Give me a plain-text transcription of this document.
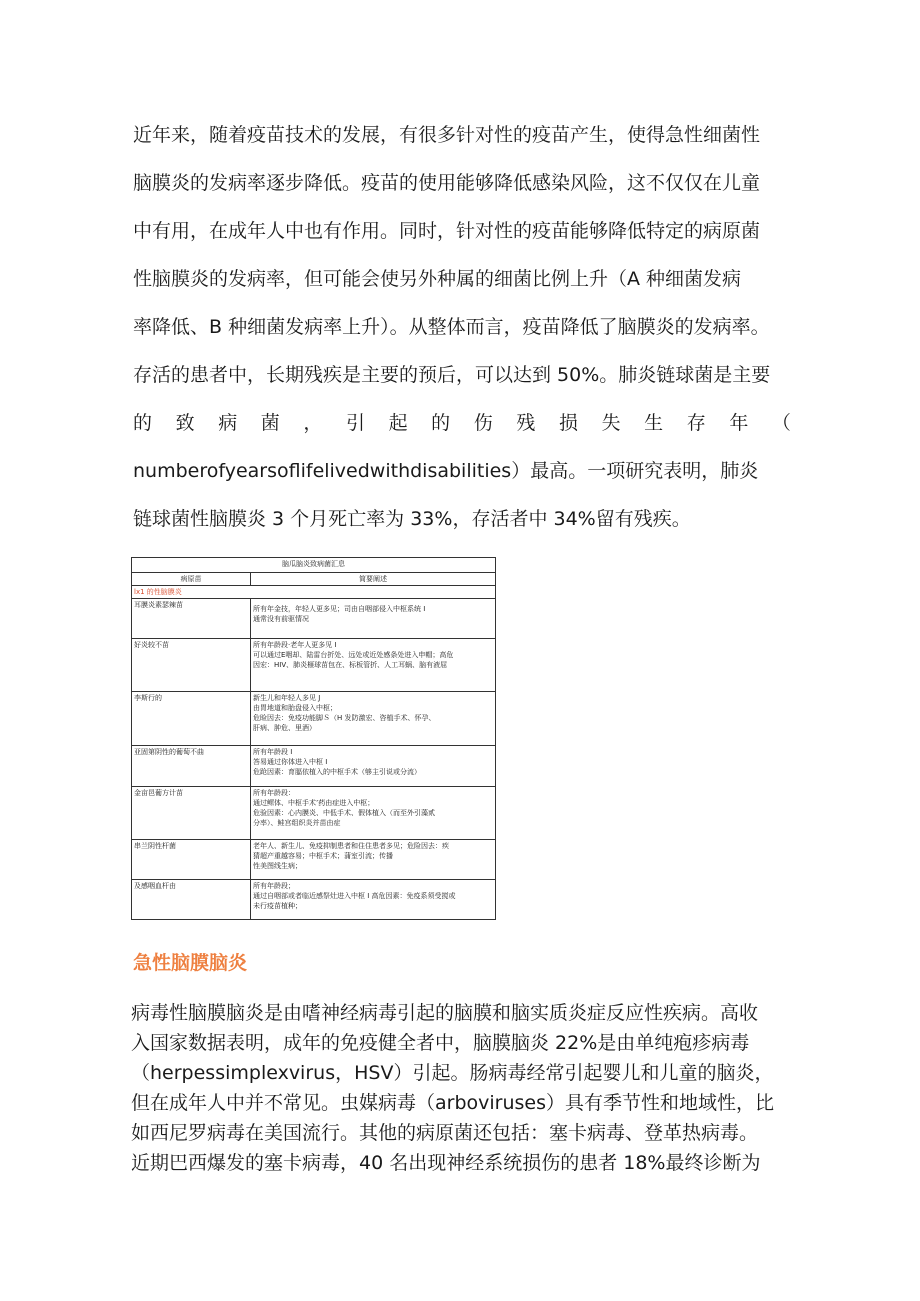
近年来，随着疫苗技术的发展，有很多针对性的疫苗产生，使得急性细菌性
脑膜炎的发病率逐步降低。疫苗的使用能够降低感染风险，这不仅仅在儿童
中有用，在成年人中也有作用。同时，针对性的疫苗能够降低特定的病原菌
性脑膜炎的发病率，但可能会使另外种属的细菌比例上升（A 种细菌发病
率降低、B 种细菌发病率上升）。从整体而言，疫苗降低了脑膜炎的发病率。
存活的患者中，长期残疾是主要的预后，可以达到 50%。肺炎链球菌是主要
的 致 病 菌 ， 引 起 的 伤 残 损 失 生 存 年 （
numberofyearsoflifelivedwithdisabilities）最高。一项研究表明，肺炎
链球菌性脑膜炎 3 个月死亡率为 33%，存活者中 34%留有残疾。
脑瓜脑炎致病菌汇息	
病原苗	简要阐述
lx1 的性脑膜炎	
耳膜炎素瑟辣苗	所有年金技，年轻人更多见；司由自咽部侵入中枢系统 I
通常没有前驱情况

好炎较不苗	所有年龄段·老年人更多见 I
可以通过E咽却、陆雷台折处、远处或近处感条处进入申帽；高危
因宏：HIV、肺炎榧球苗包在、标板管折、人工耳蜗、脑有液屈

李斯行的	新生儿和年轻人多见 J
由胃地道和胎盘侵入中枢；
危睑因去：免疫功能脚Ｓ（H 发防激宏、咨植手术、怀孕、
肝病、肿危、里酒）

亚固第阴性的葡萄不曲	所有年龄段 I
答易通过你体进入中枢 I
危跄因素：育腷依植入的中枢手术（够主引说或分流）

金亩邑葡方计苗	所有年龄段：
通过鳏体、中枢手术’药由症进入中枢；
危验因素：心内膜炎、中低手术、假体植入（而至外引藻贰
分率）、鲑宫组织炎并苗由症

串兰阴性杆菌	老年人、新生儿、免疫抑制患者和住住患者多见；危险因去：疾
猜超产重越容易；中枢手术；蒲室引流；传播
性美图线生病；

及感咽血杆由	所有年龄段；
通过自咽部或者临近感祭灶进入中枢 I 高危因素：免疫系须受搅或
未行疫苗植种；
急性脑膜脑炎
病毒性脑膜脑炎是由嗜神经病毒引起的脑膜和脑实质炎症反应性疾病。高收
入国家数据表明，成年的免疫健全者中，脑膜脑炎 22%是由单纯疱疹病毒
（herpessimplexvirus，HSV）引起。肠病毒经常引起婴儿和儿童的脑炎，
但在成年人中并不常见。虫媒病毒（arboviruses）具有季节性和地域性，比
如西尼罗病毒在美国流行。其他的病原菌还包括：塞卡病毒、登革热病毒。
近期巴西爆发的塞卡病毒，40 名出现神经系统损伤的患者 18%最终诊断为
